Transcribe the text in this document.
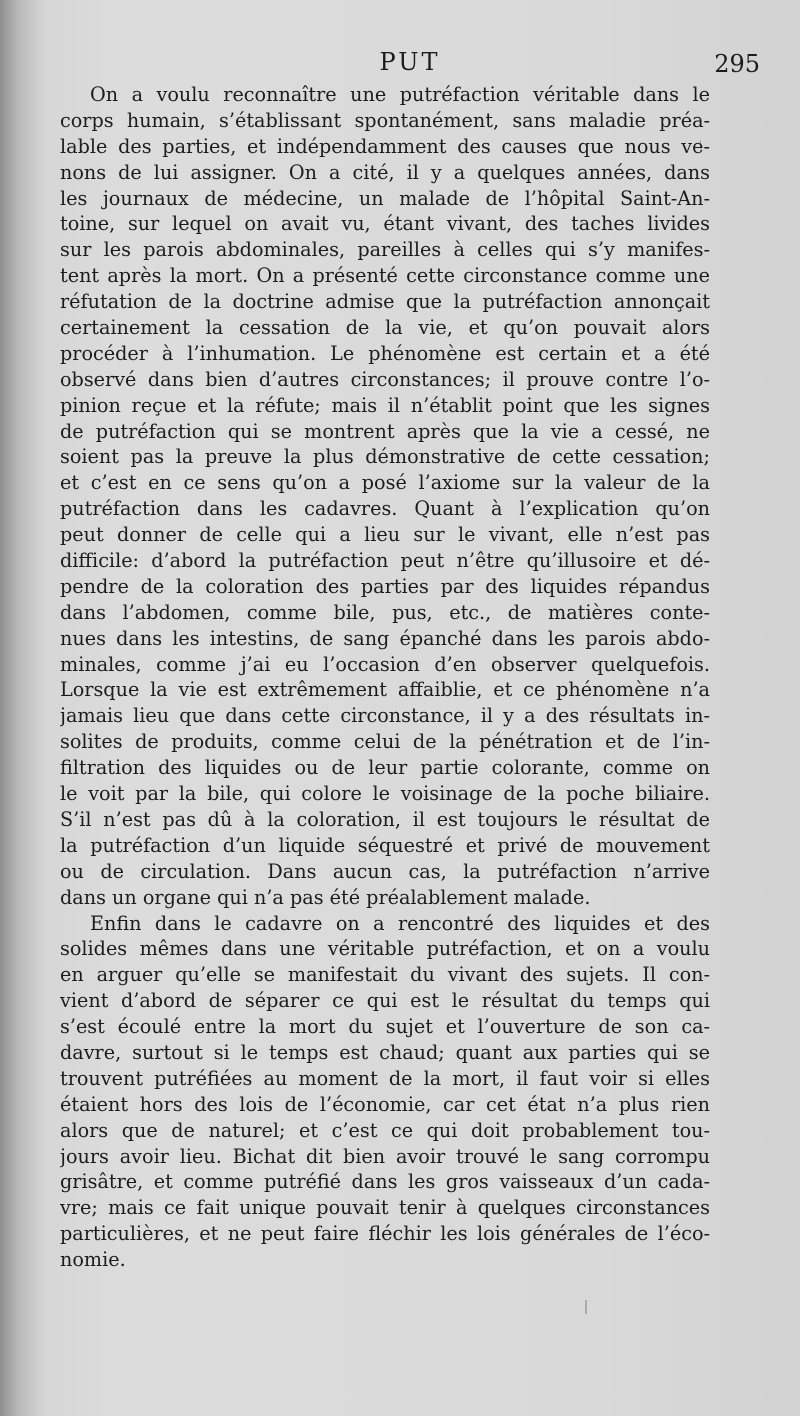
PUT	295
On a voulu reconnaître une putréfaction véritable dans le
corps humain, s’établissant spontanément, sans maladie préa-
lable des parties, et indépendamment des causes que nous ve-
nons de lui assigner. On a cité, il y a quelques années, dans
les journaux de médecine, un malade de l’hôpital Saint-An-
toine, sur lequel on avait vu, étant vivant, des taches livides
sur les parois abdominales, pareilles à celles qui s’y manifes-
tent après la mort. On a présenté cette circonstance comme une
réfutation de la doctrine admise que la putréfaction annonçait
certainement la cessation de la vie, et qu’on pouvait alors
procéder à l’inhumation. Le phénomène est certain et a été
observé dans bien d’autres circonstances; il prouve contre l’o-
pinion reçue et la réfute; mais il n’établit point que les signes
de putréfaction qui se montrent après que la vie a cessé, ne
soient pas la preuve la plus démonstrative de cette cessation;
et c’est en ce sens qu’on a posé l’axiome sur la valeur de la
putréfaction dans les cadavres. Quant à l’explication qu’on
peut donner de celle qui a lieu sur le vivant, elle n’est pas
difficile: d’abord la putréfaction peut n’être qu’illusoire et dé-
pendre de la coloration des parties par des liquides répandus
dans l’abdomen, comme bile, pus, etc., de matières conte-
nues dans les intestins, de sang épanché dans les parois abdo-
minales, comme j’ai eu l’occasion d’en observer quelquefois.
Lorsque la vie est extrêmement affaiblie, et ce phénomène n’a
jamais lieu que dans cette circonstance, il y a des résultats in-
solites de produits, comme celui de la pénétration et de l’in-
filtration des liquides ou de leur partie colorante, comme on
le voit par la bile, qui colore le voisinage de la poche biliaire.
S’il n’est pas dû à la coloration, il est toujours le résultat de
la putréfaction d’un liquide séquestré et privé de mouvement
ou de circulation. Dans aucun cas, la putréfaction n’arrive
dans un organe qui n’a pas été préalablement malade.
Enfin dans le cadavre on a rencontré des liquides et des
solides mêmes dans une véritable putréfaction, et on a voulu
en arguer qu’elle se manifestait du vivant des sujets. Il con-
vient d’abord de séparer ce qui est le résultat du temps qui
s’est écoulé entre la mort du sujet et l’ouverture de son ca-
davre, surtout si le temps est chaud; quant aux parties qui se
trouvent putréfiées au moment de la mort, il faut voir si elles
étaient hors des lois de l’économie, car cet état n’a plus rien
alors que de naturel; et c’est ce qui doit probablement tou-
jours avoir lieu. Bichat dit bien avoir trouvé le sang corrompu
grisâtre, et comme putréfié dans les gros vaisseaux d’un cada-
vre; mais ce fait unique pouvait tenir à quelques circonstances
particulières, et ne peut faire fléchir les lois générales de l’éco-
nomie.
